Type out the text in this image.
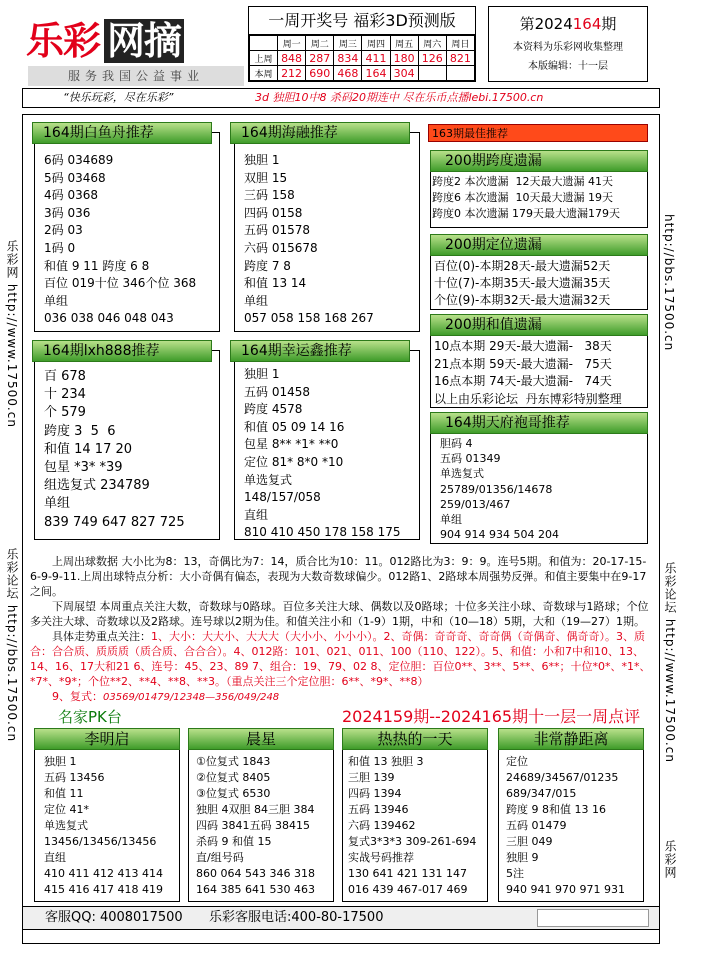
乐彩 网摘
服务我国公益事业
一周开奖号 福彩3D预测版
	周一	周二	周三	周四	周五	周六	周日
上周	848	287	834	411	180	126	821
本周	212	690	468	164	304		
第2024164期
本资料为乐彩网收集整理
本版编辑：十一层
“快乐玩彩，尽在乐彩”	3d 独胆10中8 杀码20期连中 尽在乐币点播lebi.17500.cn
乐彩网 http://www.17500.cn
乐彩论坛 http://bbs.17500.cn
http://bbs.17500.cn
乐彩论坛 http://www.17500.cn
乐彩网
164期白鱼舟推荐
6码 034689
5码 03468
4码 0368
3码 036
2码 03
1码 0
和值 9 11 跨度 6 8
百位 019十位 346个位 368
单组
036 038 046 048 043
164期海融推荐
独胆 1
双胆 15
三码 158
四码 0158
五码 01578
六码 015678
跨度 7 8
和值 13 14
单组
057 058 158 168 267
164期lxh888推荐
百 678
十 234
个 579
跨度 3  5  6
和值 14 17 20
包星 *3* *39
组选复式 234789
单组
839 749 647 827 725
164期幸运鑫推荐
独胆 1
五码 01458
跨度 4578
和值 05 09 14 16
包星 8** *1* **0
定位 81* 8*0 *10
单选复式
148/157/058
直组
810 410 450 178 158 175
163期最佳推荐
200期跨度遗漏
跨度2 本次遗漏  12天最大遗漏 41天
跨度6 本次遗漏  10天最大遗漏 19天
跨度0 本次遗漏 179天最大遗漏179天
200期定位遗漏
百位(0)-本期28天-最大遗漏52天
十位(7)-本期35天-最大遗漏35天
个位(9)-本期32天-最大遗漏32天
200期和值遗漏
10点本期 29天-最大遗漏-   38天
21点本期 59天-最大遗漏-   75天
16点本期 74天-最大遗漏-   74天
以上由乐彩论坛  丹东博彩特别整理
164期天府袍哥推荐
胆码 4
五码 01349
单选复式
25789/01356/14678
259/013/467
单组
904 914 934 504 204
上周出球数据 大小比为8：13，奇偶比为7：14，质合比为10：11。012路比为3：9：9。连号5期。和值为：20-17-15-6-9-9-11.上周出球特点分析：大小奇偶有偏态，表现为大数奇数球偏少。012路1、2路球本周强势反弹。和值主要集中在9-17之间。
下周展望 本周重点关注大数，奇数球与0路球。百位多关注大球、偶数以及0路球；十位多关注小球、奇数球与1路球；个位多关注大球、奇数球以及2路球。连号球以2期为佳。和值关注小和（1-9）1期，中和（10—18）5期，大和（19—27）1期。
具体走势重点关注：1、大小：大大小、大大大（大小小、小小小）。2、奇偶：奇奇奇、奇奇偶（奇偶奇、偶奇奇）。3、质合：合合质、质质质（质合质、合合合）。4、012路：101、021、011、100（110、122）。5、和值：小和7中和10、13、14、16、17大和21 6、连号：45、23、89 7、组合：19、79、02 8、定位胆：百位0**、3**、5**、6**；十位*0*、*1*、*7*、*9*；个位**2、**4、**8、**3。（重点关注三个定位胆：6**、*9*、**8）
9、复式：03569/01479/12348—356/049/248
名家PK台	2024159期--2024165期十一层一周点评
李明启
独胆 1
五码 13456
和值 11
定位 41*
单选复式
13456/13456/13456
直组
410 411 412 413 414
415 416 417 418 419
晨星
①位复式 1843
②位复式 8405
③位复式 6530
独胆 4双胆 84三胆 384
四码 3841五码 38415
杀码 9 和值 15
直/组号码
860 064 543 346 318
164 385 641 530 463
热热的一天
和值 13 独胆 3
三胆 139
四码 1394
五码 13946
六码 139462
复式3*3*3 309-261-694
实战号码推荐
130 641 421 131 147
016 439 467-017 469
非常静距离
定位
24689/34567/01235
689/347/015
跨度 9 8和值 13 16
五码 01479
三胆 049
独胆 9
5注
940 941 970 971 931
客服QQ: 4008017500 乐彩客服电话:400-80-17500
